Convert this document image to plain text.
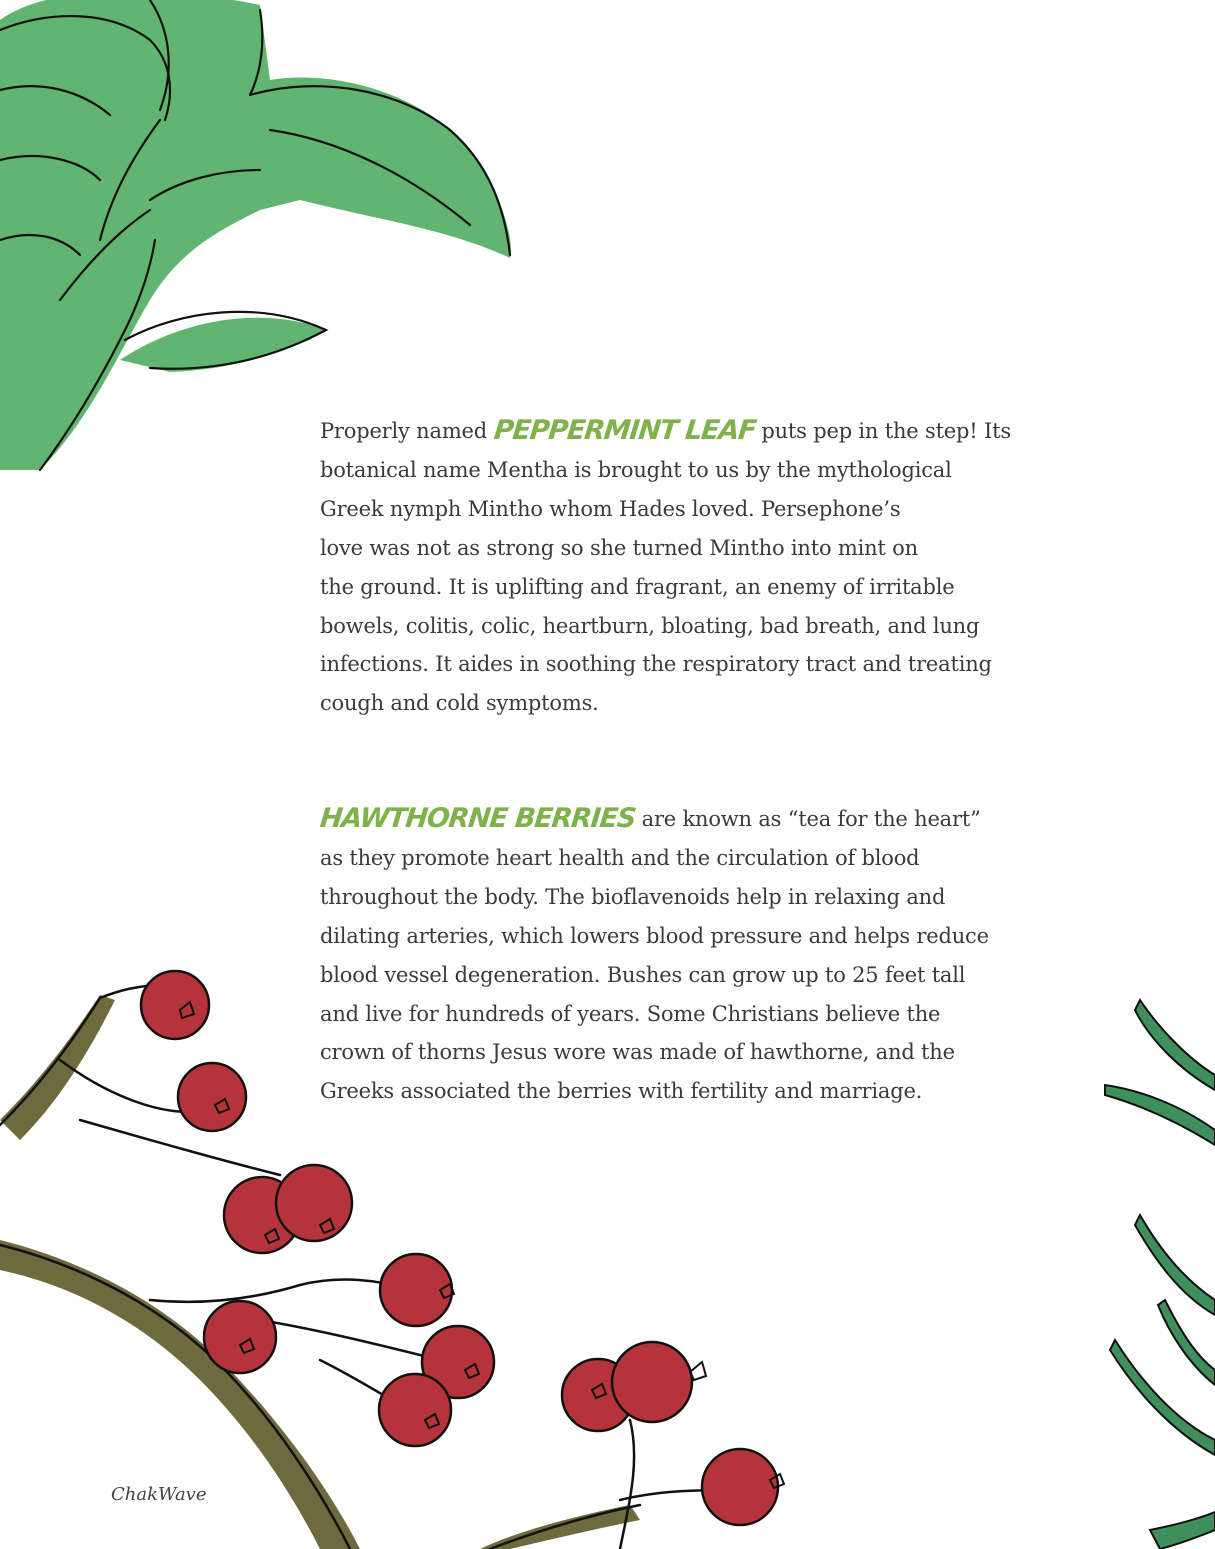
Properly named PEPPERMINT LEAF puts pep in the step! Its
botanical name Mentha is brought to us by the mythological
Greek nymph Mintho whom Hades loved. Persephone’s
love was not as strong so she turned Mintho into mint on
the ground. It is uplifting and fragrant, an enemy of irritable
bowels, colitis, colic, heartburn, bloating, bad breath, and lung
infections. It aides in soothing the respiratory tract and treating
cough and cold symptoms.
HAWTHORNE BERRIES are known as “tea for the heart”
as they promote heart health and the circulation of blood
throughout the body. The bioflavenoids help in relaxing and
dilating arteries, which lowers blood pressure and helps reduce
blood vessel degeneration. Bushes can grow up to 25 feet tall
and live for hundreds of years. Some Christians believe the
crown of thorns Jesus wore was made of hawthorne, and the
Greeks associated the berries with fertility and marriage.
ChakWave
